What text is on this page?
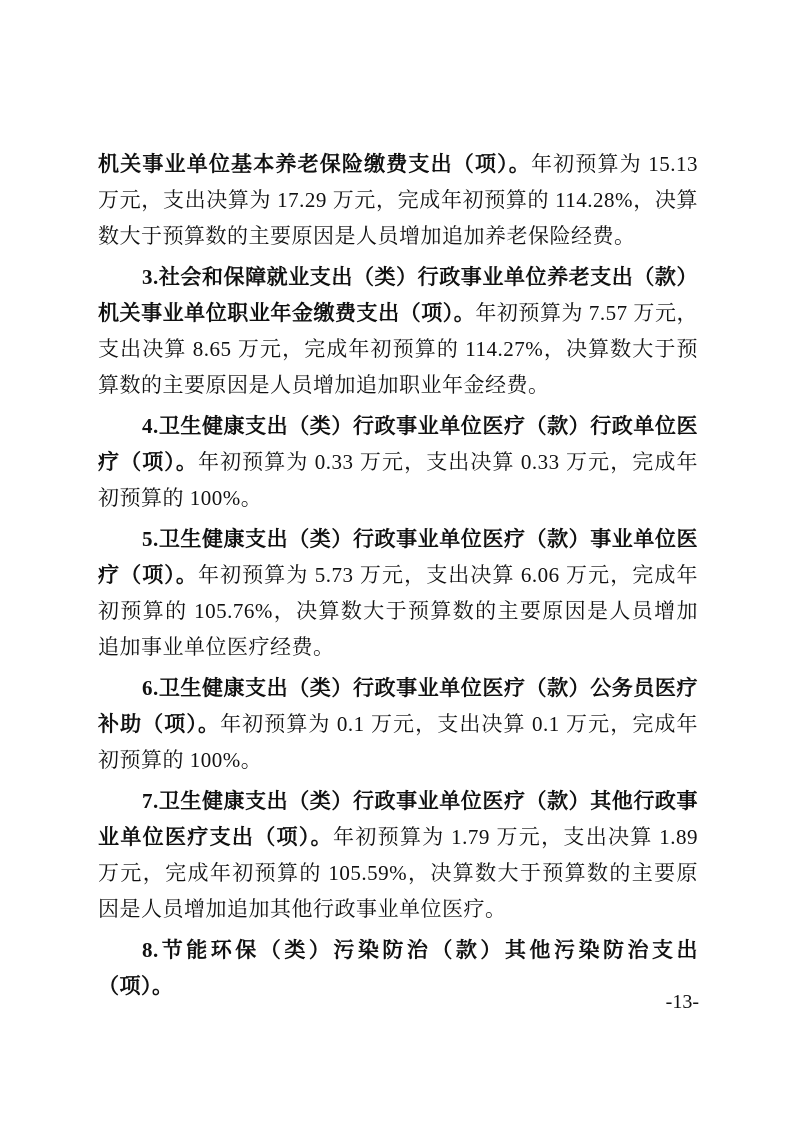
机关事业单位基本养老保险缴费支出（项）。年初预算为 15.13 万元，支出决算为 17.29 万元，完成年初预算的 114.28%，决算数大于预算数的主要原因是人员增加追加养老保险经费。

3.社会和保障就业支出（类）行政事业单位养老支出（款）机关事业单位职业年金缴费支出（项）。年初预算为 7.57 万元，支出决算 8.65 万元，完成年初预算的 114.27%，决算数大于预算数的主要原因是人员增加追加职业年金经费。

4.卫生健康支出（类）行政事业单位医疗（款）行政单位医疗（项）。年初预算为 0.33 万元，支出决算 0.33 万元，完成年初预算的 100%。

5.卫生健康支出（类）行政事业单位医疗（款）事业单位医疗（项）。年初预算为 5.73 万元，支出决算 6.06 万元，完成年初预算的 105.76%，决算数大于预算数的主要原因是人员增加追加事业单位医疗经费。

6.卫生健康支出（类）行政事业单位医疗（款）公务员医疗补助（项）。年初预算为 0.1 万元，支出决算 0.1 万元，完成年初预算的 100%。

7.卫生健康支出（类）行政事业单位医疗（款）其他行政事业单位医疗支出（项）。年初预算为 1.79 万元，支出决算 1.89 万元，完成年初预算的 105.59%，决算数大于预算数的主要原因是人员增加追加其他行政事业单位医疗。

8.节能环保（类）污染防治（款）其他污染防治支出（项）。

-13-
